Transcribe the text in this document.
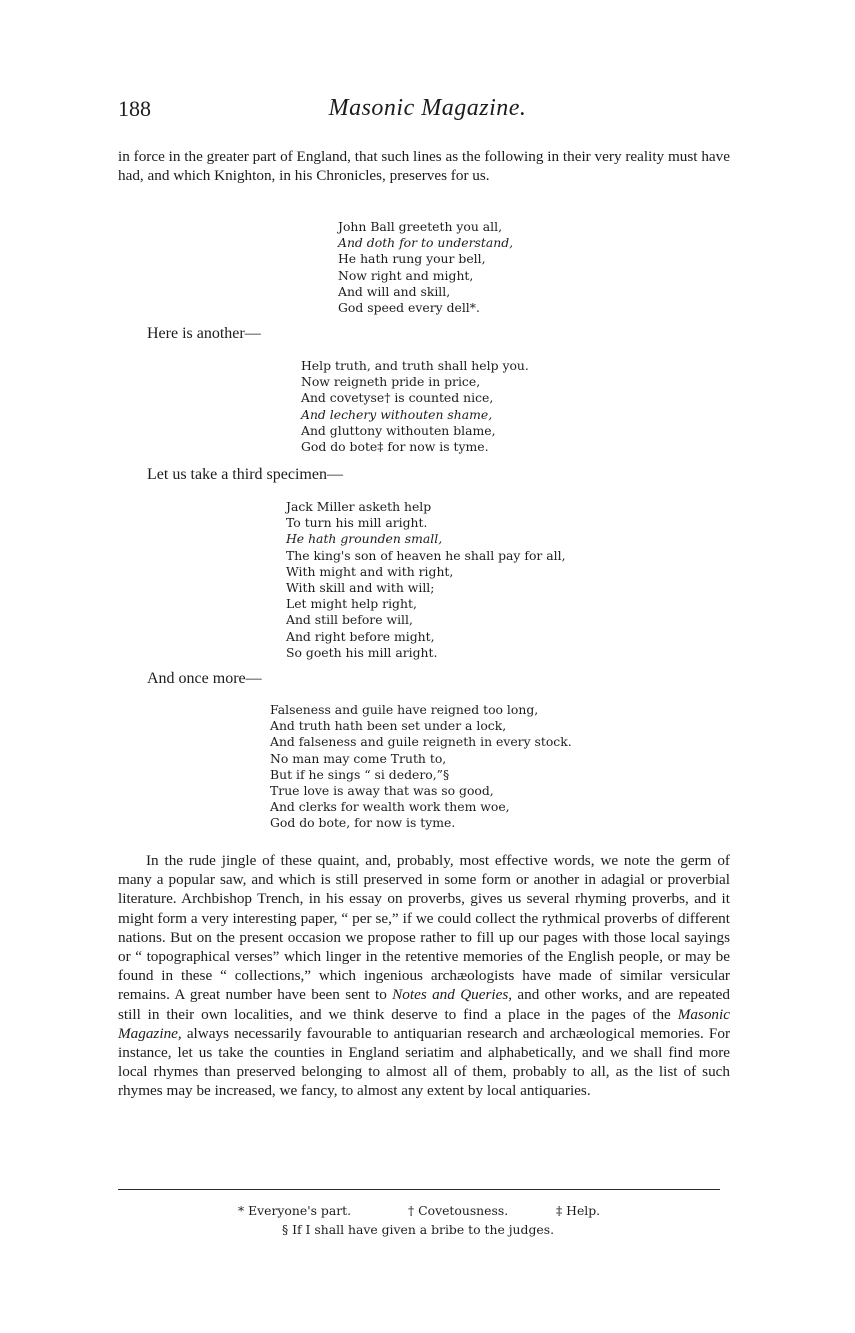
188	Masonic Magazine.
in force in the greater part of England, that such lines as the following in their very reality must have had, and which Knighton, in his Chronicles, preserves for us.
John Ball greeteth you all,
And doth for to understand,
He hath rung your bell,
Now right and might,
And will and skill,
God speed every dell*.
Here is another—
Help truth, and truth shall help you.
Now reigneth pride in price,
And covetyse† is counted nice,
And lechery withouten shame,
And gluttony withouten blame,
God do bote‡ for now is tyme.
Let us take a third specimen—
Jack Miller asketh help
To turn his mill aright.
He hath grounden small,
The king's son of heaven he shall pay for all,
With might and with right,
With skill and with will;
Let might help right,
And still before will,
And right before might,
So goeth his mill aright.
And once more—
Falseness and guile have reigned too long,
And truth hath been set under a lock,
And falseness and guile reigneth in every stock.
No man may come Truth to,
But if he sings “ si dedero,”§
True love is away that was so good,
And clerks for wealth work them woe,
God do bote, for now is tyme.
In the rude jingle of these quaint, and, probably, most effective words, we note the germ of many a popular saw, and which is still preserved in some form or another in adagial or proverbial literature. Archbishop Trench, in his essay on proverbs, gives us several rhyming proverbs, and it might form a very interesting paper, “ per se,” if we could collect the rythmical proverbs of different nations. But on the present occasion we propose rather to fill up our pages with those local sayings or “ topographical verses” which linger in the retentive memories of the English people, or may be found in these “ collections,” which ingenious archæologists have made of similar versicular remains. A great number have been sent to Notes and Queries, and other works, and are repeated still in their own localities, and we think deserve to find a place in the pages of the Masonic Magazine, always necessarily favourable to antiquarian research and archæological memories. For instance, let us take the counties in England seriatim and alphabetically, and we shall find more local rhymes than preserved belonging to almost all of them, probably to all, as the list of such rhymes may be increased, we fancy, to almost any extent by local antiquaries.
* Everyone's part.	† Covetousness.	‡ Help.
§ If I shall have given a bribe to the judges.
